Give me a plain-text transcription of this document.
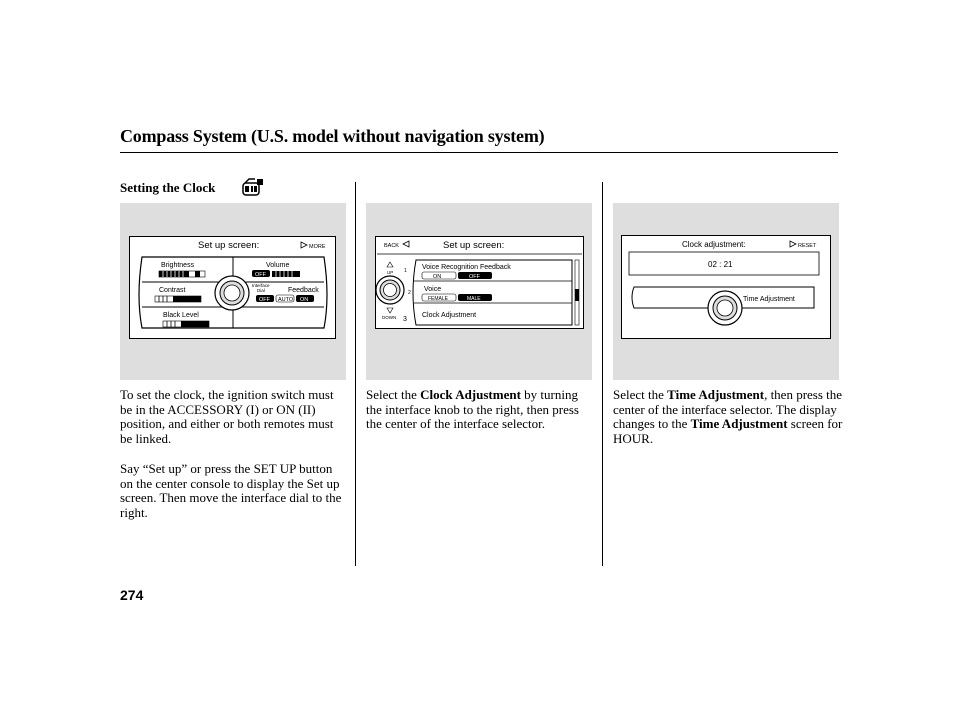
Compass System (U.S. model without navigation system)
Setting the Clock
Set up screen:	MORE
Brightness	Volume
OFF
Contrast
Interface
Dial	Feedback
OFF AUTO ON
Black Level
BACK	Set up screen:
UP 1
2
DOWN 3
Voice Recognition Feedback
ON	OFF
Voice
FEMALE	MALE
Clock Adjustment
Clock adjustment:	RESET
02 : 21
Time Adjustment
To set the clock, the ignition switch must be in the ACCESSORY (I) or ON (II) position, and either or both remotes must be linked.
Say “Set up” or press the SET UP button on the center console to display the Set up screen. Then move the interface dial to the right.
Select the Clock Adjustment by turning the interface knob to the right, then press the center of the interface selector.
Select the Time Adjustment, then press the center of the interface selector. The display changes to the Time Adjustment screen for HOUR.
274
